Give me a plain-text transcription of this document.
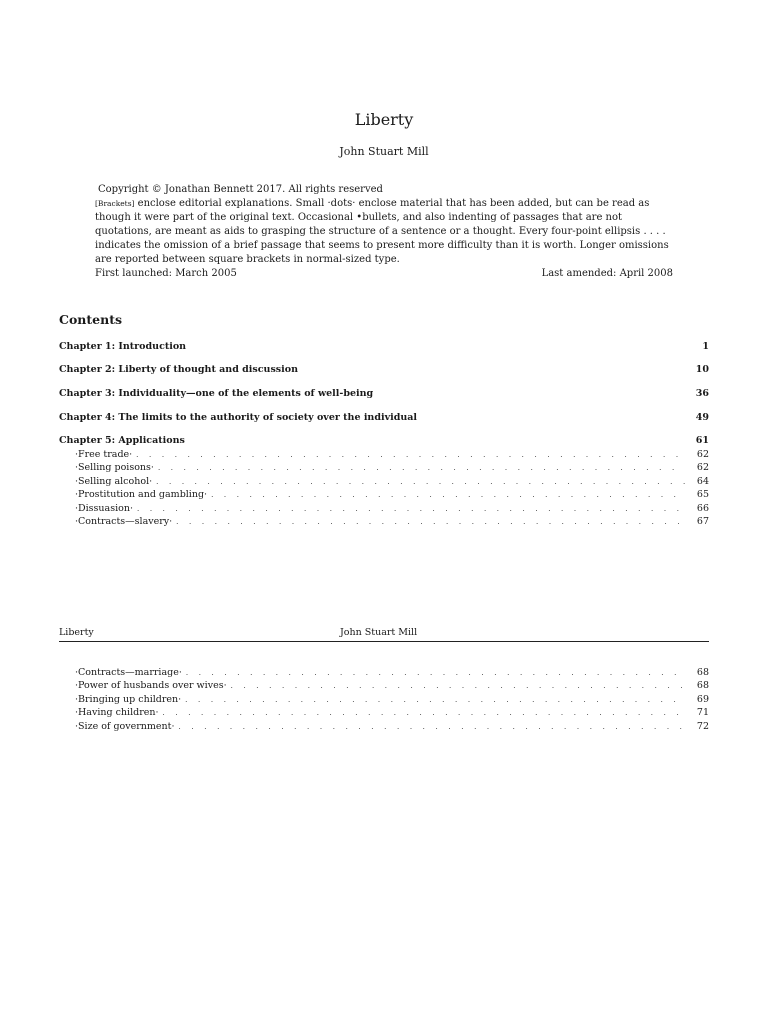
Liberty
John Stuart Mill
Copyright © Jonathan Bennett 2017. All rights reserved
[Brackets] enclose editorial explanations. Small ·dots· enclose material that has been added, but can be read as though it were part of the original text. Occasional •bullets, and also indenting of passages that are not quotations, are meant as aids to grasping the structure of a sentence or a thought. Every four-point ellipsis . . . . indicates the omission of a brief passage that seems to present more difficulty than it is worth. Longer omissions are reported between square brackets in normal-sized type.
First launched: March 2005	Last amended: April 2008
Contents
Chapter 1: Introduction	1
Chapter 2: Liberty of thought and discussion	10
Chapter 3: Individuality—one of the elements of well-being	36
Chapter 4: The limits to the authority of society over the individual	49
Chapter 5: Applications	61
·Free trade· . . .	62
·Selling poisons· . . .	62
·Selling alcohol· . . .	64
·Prostitution and gambling· . . .	65
·Dissuasion· . . .	66
·Contracts—slavery· . . .	67
Liberty	John Stuart Mill
·Contracts—marriage· . . .	68
·Power of husbands over wives· . . .	68
·Bringing up children· . . .	69
·Having children· . . .	71
·Size of government· . . .	72
